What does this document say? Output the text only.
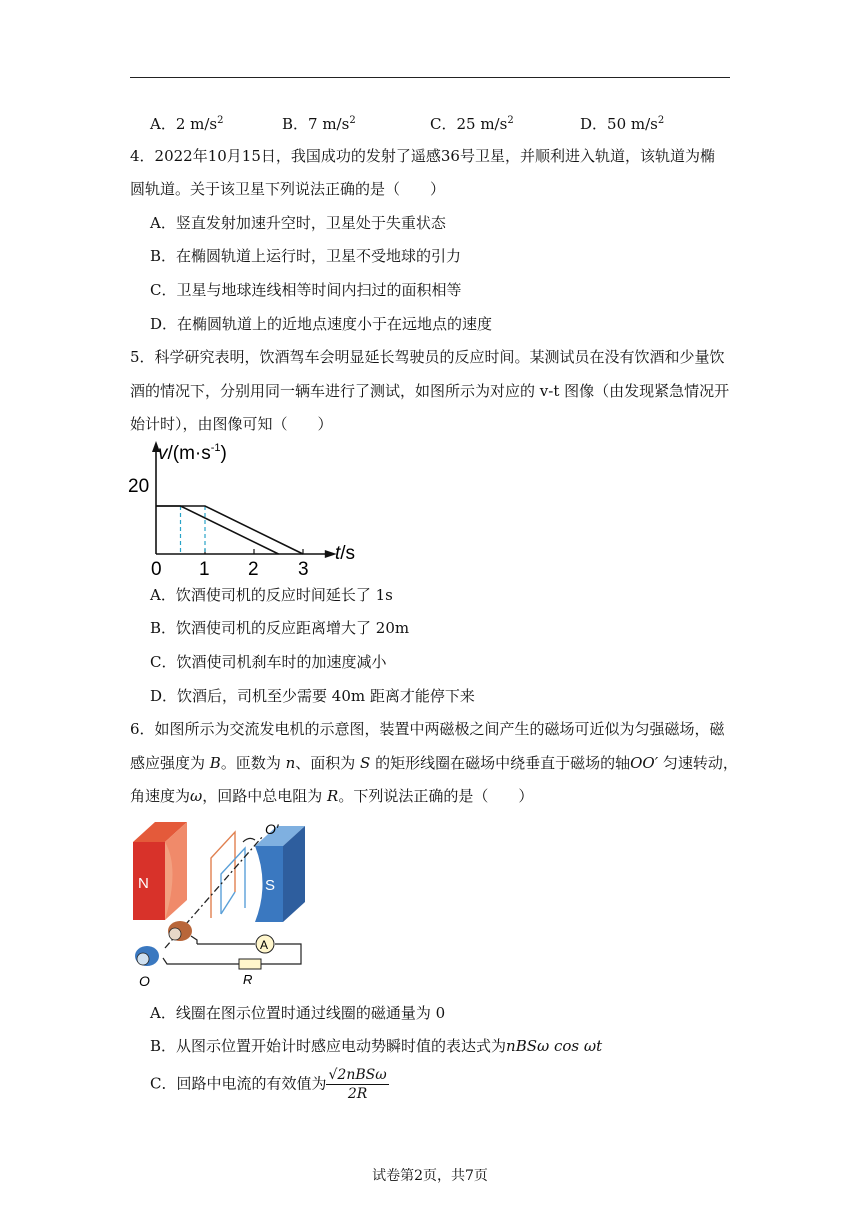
A．2 $m/s^2$	B．7 $m/s^2$	C．25 $m/s^2$	D．50 $m/s^2$
4．2022年10月15日，我国成功的发射了遥感36号卫星，并顺利进入轨道，该轨道为椭
圆轨道。关于该卫星下列说法正确的是（　　）
A．竖直发射加速升空时，卫星处于失重状态
B．在椭圆轨道上运行时，卫星不受地球的引力
C．卫星与地球连线相等时间内扫过的面积相等
D．在椭圆轨道上的近地点速度小于在远地点的速度
5．科学研究表明，饮酒驾车会明显延长驾驶员的反应时间。某测试员在没有饮酒和少量饮
酒的情况下，分别用同一辆车进行了测试，如图所示为对应的 v-t 图像（由发现紧急情况开
始计时），由图像可知（　　）
$v/(m\cdot s^{-1})$
t/s
20
0 1 2 3
A．饮酒使司机的反应时间延长了 1s
B．饮酒使司机的反应距离增大了 20m
C．饮酒使司机刹车时的加速度减小
D．饮酒后，司机至少需要 40m 距离才能停下来
6．如图所示为交流发电机的示意图，装置中两磁极之间产生的磁场可近似为匀强磁场，磁
感应强度为 B。匝数为 n、面积为 S 的矩形线圈在磁场中绕垂直于磁场的轴OO′ 匀速转动，
角速度为ω，回路中总电阻为 R。下列说法正确的是（　　）
N	S
O′
A
R
O
A．线圈在图示位置时通过线圈的磁通量为 0
B．从图示位置开始计时感应电动势瞬时值的表达式为nBSω cos ωt
C．回路中电流的有效值为 $\frac{\text{√2nBSω}}{2R}$
试卷第2页，共7页
